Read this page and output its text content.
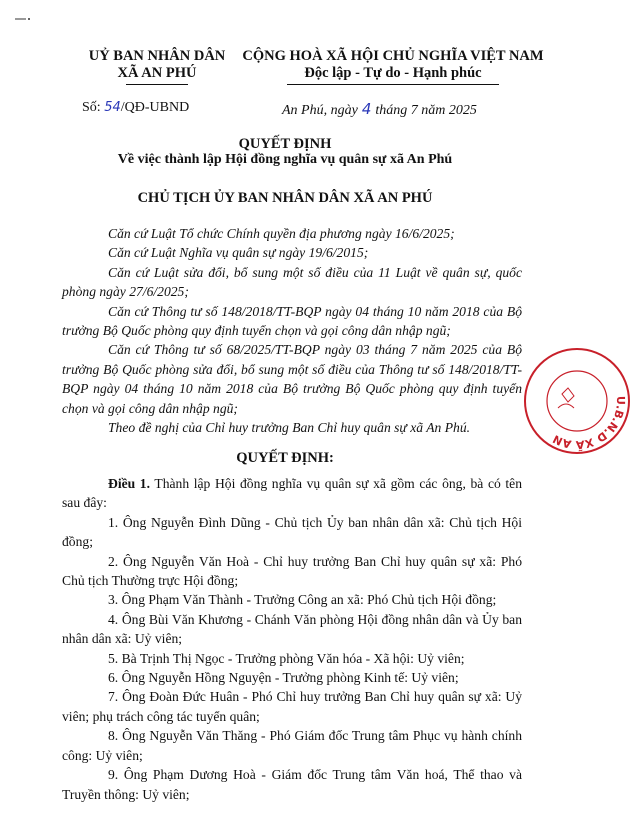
UỶ BAN NHÂN DÂN
XÃ AN PHÚ
CỘNG HOÀ XÃ HỘI CHỦ NGHĨA VIỆT NAM
Độc lập - Tự do - Hạnh phúc
Số: 54/QĐ-UBND	An Phú, ngày 4 tháng 7 năm 2025
QUYẾT ĐỊNH
Về việc thành lập Hội đồng nghĩa vụ quân sự xã An Phú
CHỦ TỊCH ỦY BAN NHÂN DÂN XÃ AN PHÚ

Căn cứ Luật Tổ chức Chính quyền địa phương ngày 16/6/2025;

Căn cứ Luật Nghĩa vụ quân sự ngày 19/6/2015;

Căn cứ Luật sửa đổi, bổ sung một số điều của 11 Luật về quân sự, quốc phòng ngày 27/6/2025;

Căn cứ Thông tư số 148/2018/TT-BQP ngày 04 tháng 10 năm 2018 của Bộ trưởng Bộ Quốc phòng quy định tuyển chọn và gọi công dân nhập ngũ;

Căn cứ Thông tư số 68/2025/TT-BQP ngày 03 tháng 7 năm 2025 của Bộ trưởng Bộ Quốc phòng sửa đổi, bổ sung một số điều của Thông tư số 148/2018/TT-BQP ngày 04 tháng 10 năm 2018 của Bộ trưởng Bộ Quốc phòng quy định tuyển chọn và gọi công dân nhập ngũ;

Theo đề nghị của Chỉ huy trưởng Ban Chỉ huy quân sự xã An Phú.

QUYẾT ĐỊNH:

Điều 1. Thành lập Hội đồng nghĩa vụ quân sự xã gồm các ông, bà có tên sau đây:

1. Ông Nguyễn Đình Dũng - Chủ tịch Ủy ban nhân dân xã: Chủ tịch Hội đồng;

2. Ông Nguyễn Văn Hoà - Chỉ huy trưởng Ban Chỉ huy quân sự xã: Phó Chủ tịch Thường trực Hội đồng;

3. Ông Phạm Văn Thành - Trưởng Công an xã: Phó Chủ tịch Hội đồng;

4. Ông Bùi Văn Khương - Chánh Văn phòng Hội đồng nhân dân và Ủy ban nhân dân xã: Uỷ viên;

5. Bà Trịnh Thị Ngọc - Trưởng phòng Văn hóa - Xã hội: Uỷ viên;

6. Ông Nguyễn Hồng Nguyện - Trưởng phòng Kinh tế: Uỷ viên;

7. Ông Đoàn Đức Huân - Phó Chỉ huy trưởng Ban Chỉ huy quân sự xã: Uỷ viên; phụ trách công tác tuyển quân;

8. Ông Nguyễn Văn Thăng - Phó Giám đốc Trung tâm Phục vụ hành chính công: Uỷ viên;

9. Ông Phạm Dương Hoà - Giám đốc Trung tâm Văn hoá, Thể thao và Truyền thông: Uỷ viên;

U.B.N.D XÃ AN
